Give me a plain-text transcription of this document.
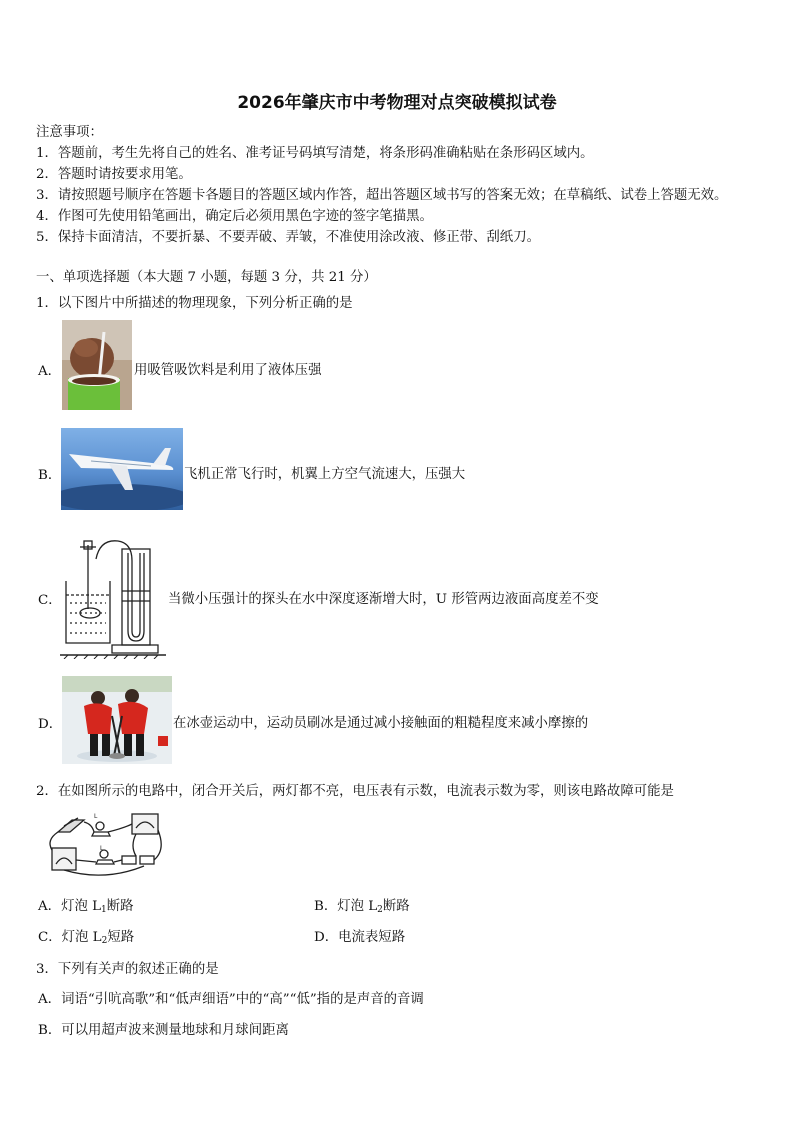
2026年肇庆市中考物理对点突破模拟试卷
注意事项：
1．答题前，考生先将自己的姓名、准考证号码填写清楚，将条形码准确粘贴在条形码区域内。
2．答题时请按要求用笔。
3．请按照题号顺序在答题卡各题目的答题区域内作答，超出答题区域书写的答案无效；在草稿纸、试卷上答题无效。
4．作图可先使用铅笔画出，确定后必须用黑色字迹的签字笔描黑。
5．保持卡面清洁，不要折暴、不要弄破、弄皱，不准使用涂改液、修正带、刮纸刀。
一、单项选择题（本大题 7 小题，每题 3 分，共 21 分）
1．以下图片中所描述的物理现象，下列分析正确的是
A．	用吸管吸饮料是利用了液体压强
B．	飞机正常飞行时，机翼上方空气流速大，压强大
C．	当微小压强计的探头在水中深度逐渐增大时，U 形管两边液面高度差不变
D．	在冰壶运动中，运动员刷冰是通过减小接触面的粗糙程度来减小摩擦的
2．在如图所示的电路中，闭合开关后，两灯都不亮，电压表有示数，电流表示数为零，则该电路故障可能是
L
L
A．灯泡 $L_1$断路	B．灯泡 $L_2$断路
C．灯泡 $L_2$短路	D．电流表短路
3．下列有关声的叙述正确的是
A．词语“引吭高歌”和“低声细语”中的“高”“低”指的是声音的音调
B．可以用超声波来测量地球和月球间距离
